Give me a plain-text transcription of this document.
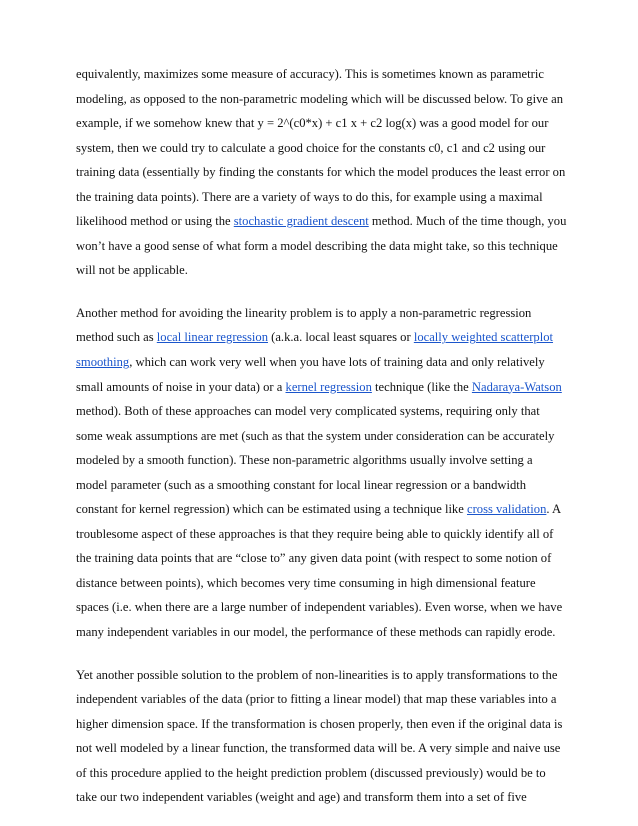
equivalently, maximizes some measure of accuracy). This is sometimes known as parametric
modeling, as opposed to the non-parametric modeling which will be discussed below. To give an
example, if we somehow knew that y = 2^(c0*x) + c1 x + c2 log(x) was a good model for our
system, then we could try to calculate a good choice for the constants c0, c1 and c2 using our
training data (essentially by finding the constants for which the model produces the least error on
the training data points). There are a variety of ways to do this, for example using a maximal
likelihood method or using the stochastic gradient descent method. Much of the time though, you
won’t have a good sense of what form a model describing the data might take, so this technique
will not be applicable.

Another method for avoiding the linearity problem is to apply a non-parametric regression
method such as local linear regression (a.k.a. local least squares or locally weighted scatterplot
smoothing, which can work very well when you have lots of training data and only relatively
small amounts of noise in your data) or a kernel regression technique (like the Nadaraya-Watson
method). Both of these approaches can model very complicated systems, requiring only that
some weak assumptions are met (such as that the system under consideration can be accurately
modeled by a smooth function). These non-parametric algorithms usually involve setting a
model parameter (such as a smoothing constant for local linear regression or a bandwidth
constant for kernel regression) which can be estimated using a technique like cross validation. A
troublesome aspect of these approaches is that they require being able to quickly identify all of
the training data points that are “close to” any given data point (with respect to some notion of
distance between points), which becomes very time consuming in high dimensional feature
spaces (i.e. when there are a large number of independent variables). Even worse, when we have
many independent variables in our model, the performance of these methods can rapidly erode.

Yet another possible solution to the problem of non-linearities is to apply transformations to the
independent variables of the data (prior to fitting a linear model) that map these variables into a
higher dimension space. If the transformation is chosen properly, then even if the original data is
not well modeled by a linear function, the transformed data will be. A very simple and naive use
of this procedure applied to the height prediction problem (discussed previously) would be to
take our two independent variables (weight and age) and transform them into a set of five
